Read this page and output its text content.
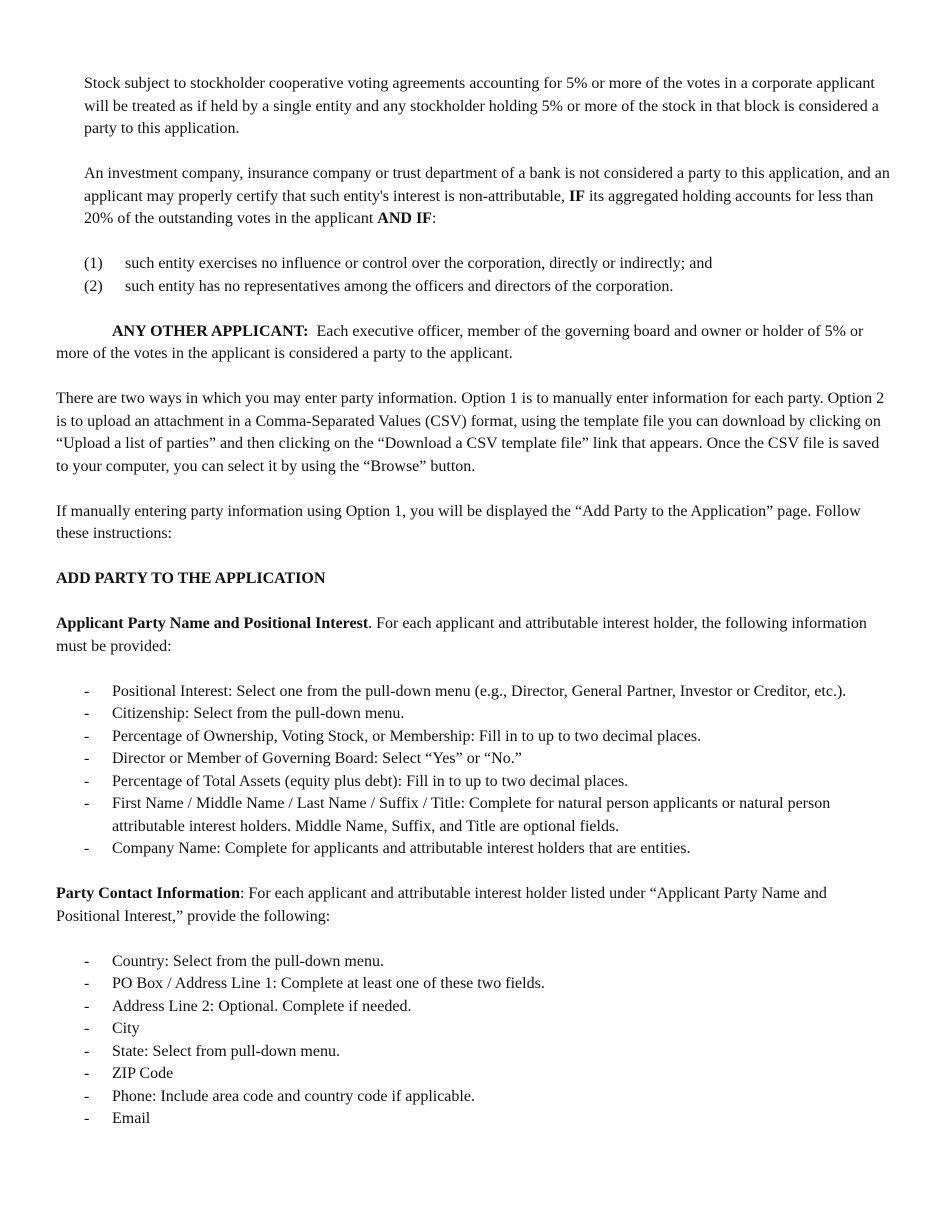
Stock subject to stockholder cooperative voting agreements accounting for 5% or more of the votes in a corporate applicant will be treated as if held by a single entity and any stockholder holding 5% or more of the stock in that block is considered a party to this application.

An investment company, insurance company or trust department of a bank is not considered a party to this application, and an applicant may properly certify that such entity's interest is non-attributable, IF its aggregated holding accounts for less than 20% of the outstanding votes in the applicant AND IF:

(1)	such entity exercises no influence or control over the corporation, directly or indirectly; and
(2)	such entity has no representatives among the officers and directors of the corporation.

ANY OTHER APPLICANT:  Each executive officer, member of the governing board and owner or holder of 5% or more of the votes in the applicant is considered a party to the applicant.

There are two ways in which you may enter party information. Option 1 is to manually enter information for each party. Option 2 is to upload an attachment in a Comma-Separated Values (CSV) format, using the template file you can download by clicking on “Upload a list of parties” and then clicking on the “Download a CSV template file” link that appears. Once the CSV file is saved to your computer, you can select it by using the “Browse” button.

If manually entering party information using Option 1, you will be displayed the “Add Party to the Application” page. Follow these instructions:

ADD PARTY TO THE APPLICATION

Applicant Party Name and Positional Interest. For each applicant and attributable interest holder, the following information must be provided:

-	Positional Interest: Select one from the pull-down menu (e.g., Director, General Partner, Investor or Creditor, etc.).
-	Citizenship: Select from the pull-down menu.
-	Percentage of Ownership, Voting Stock, or Membership: Fill in to up to two decimal places.
-	Director or Member of Governing Board: Select “Yes” or “No.”
-	Percentage of Total Assets (equity plus debt): Fill in to up to two decimal places.
-	First Name / Middle Name / Last Name / Suffix / Title: Complete for natural person applicants or natural person attributable interest holders. Middle Name, Suffix, and Title are optional fields.
-	Company Name: Complete for applicants and attributable interest holders that are entities.

Party Contact Information: For each applicant and attributable interest holder listed under “Applicant Party Name and Positional Interest,” provide the following:

-	Country: Select from the pull-down menu.
-	PO Box / Address Line 1: Complete at least one of these two fields.
-	Address Line 2: Optional. Complete if needed.
-	City
-	State: Select from pull-down menu.
-	ZIP Code
-	Phone: Include area code and country code if applicable.
-	Email
